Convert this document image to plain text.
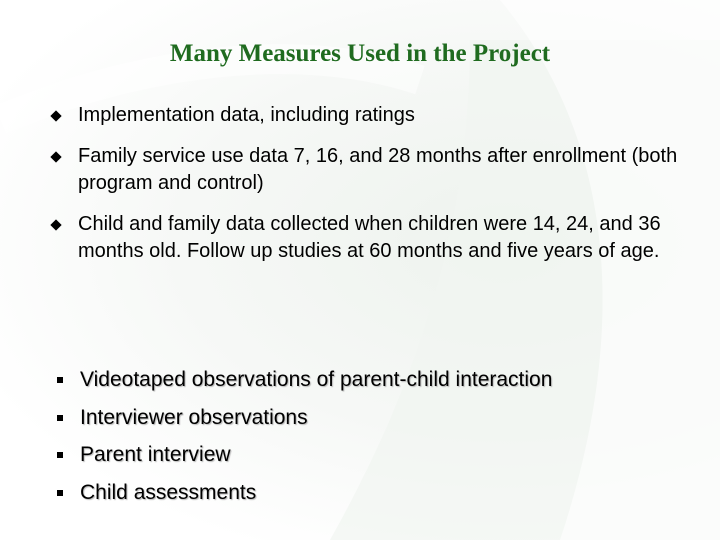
Many Measures Used in the Project
Implementation data, including ratings
Family service use data 7, 16, and 28 months after enrollment (both program and control)
Child and family data collected when children were 14, 24, and 36 months old. Follow up studies at 60 months and five years of age.
Videotaped observations of parent-child interaction
Interviewer observations
Parent interview
Child assessments
